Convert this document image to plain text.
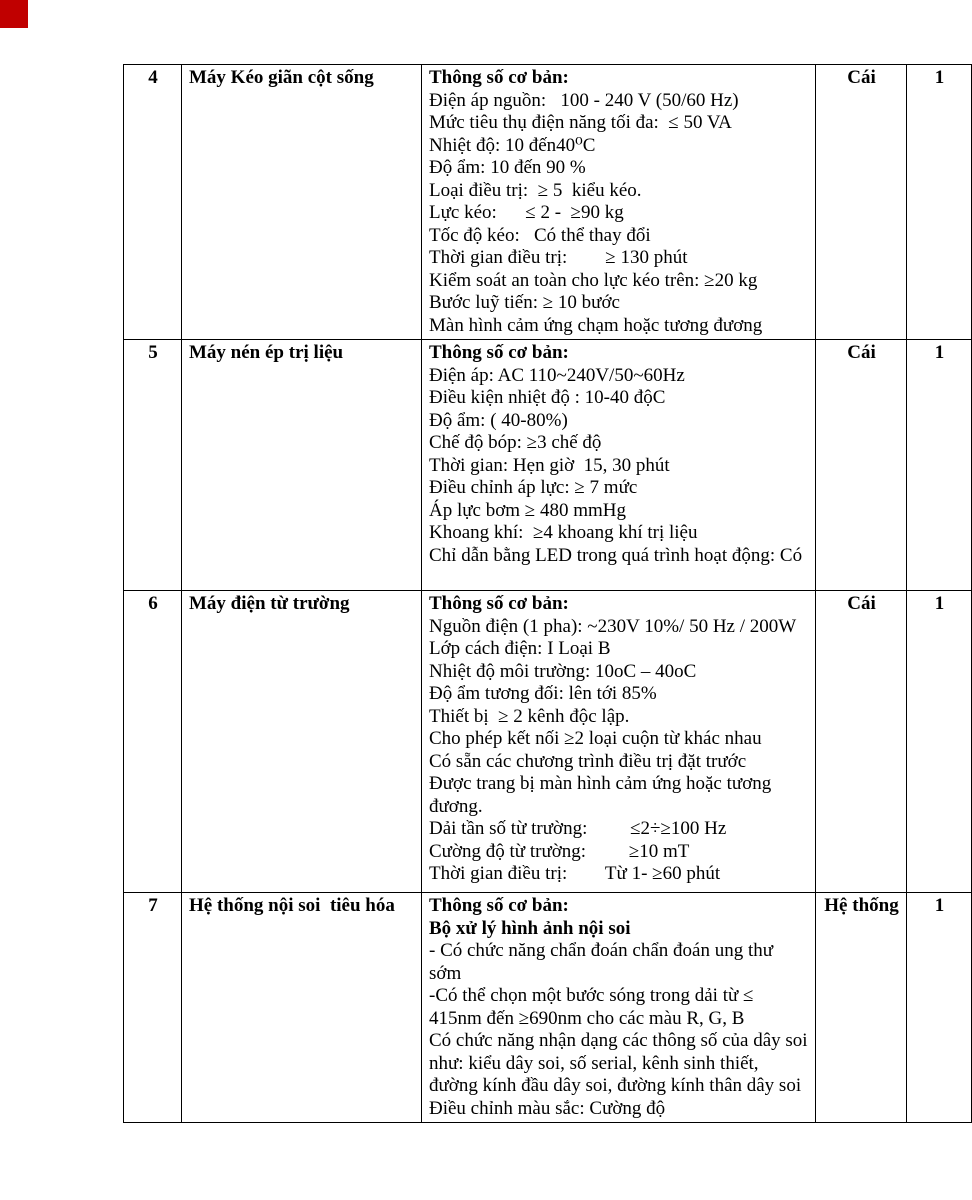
4	Máy Kéo giãn cột sống	Thông số cơ bản:
Điện áp nguồn:   100 - 240 V (50/60 Hz)
Mức tiêu thụ điện năng tối đa:  ≤ 50 VA
Nhiệt độ: 10 đến40⁰C
Độ ẩm: 10 đến 90 %
Loại điều trị:  ≥ 5  kiểu kéo.
Lực kéo:      ≤ 2 -  ≥90 kg
Tốc độ kéo:   Có thể thay đổi
Thời gian điều trị:        ≥ 130 phút
Kiểm soát an toàn cho lực kéo trên: ≥20 kg
Bước luỹ tiến: ≥ 10 bước
Màn hình cảm ứng chạm hoặc tương đương
	Cái	1
5	Máy nén ép trị liệu	Thông số cơ bản:
Điện áp: AC 110~240V/50~60Hz
Điều kiện nhiệt độ : 10-40 độC
Độ ẩm: ( 40-80%)
Chế độ bóp: ≥3 chế độ
Thời gian: Hẹn giờ  15, 30 phút
Điều chỉnh áp lực: ≥ 7 mức
Áp lực bơm ≥ 480 mmHg
Khoang khí:  ≥4 khoang khí trị liệu
Chỉ dẫn bằng LED trong quá trình hoạt động: Có
	Cái	1
6	Máy điện từ trường	Thông số cơ bản:
Nguồn điện (1 pha): ~230V 10%/ 50 Hz / 200W Lớp cách điện: I Loại B
Nhiệt độ môi trường: 10oC – 40oC
Độ ẩm tương đối: lên tới 85%
Thiết bị  ≥ 2 kênh độc lập.
Cho phép kết nối ≥2 loại cuộn từ khác nhau
Có sẵn các chương trình điều trị đặt trước
Được trang bị màn hình cảm ứng hoặc tương đương.
Dải tần số từ trường:         ≤2÷≥100 Hz
Cường độ từ trường:         ≥10 mT
Thời gian điều trị:        Từ 1- ≥60 phút
	Cái	1
7	Hệ thống nội soi  tiêu hóa	Thông số cơ bản:
Bộ xử lý hình ảnh nội soi
- Có chức năng chẩn đoán chẩn đoán ung thư sớm
-Có thể chọn một bước sóng trong dải từ ≤ 415nm đến ≥690nm cho các màu R, G, B
Có chức năng nhận dạng các thông số của dây soi như: kiểu dây soi, số serial, kênh sinh thiết, đường kính đầu dây soi, đường kính thân dây soi Điều chỉnh màu sắc: Cường độ	Hệ thống	1
